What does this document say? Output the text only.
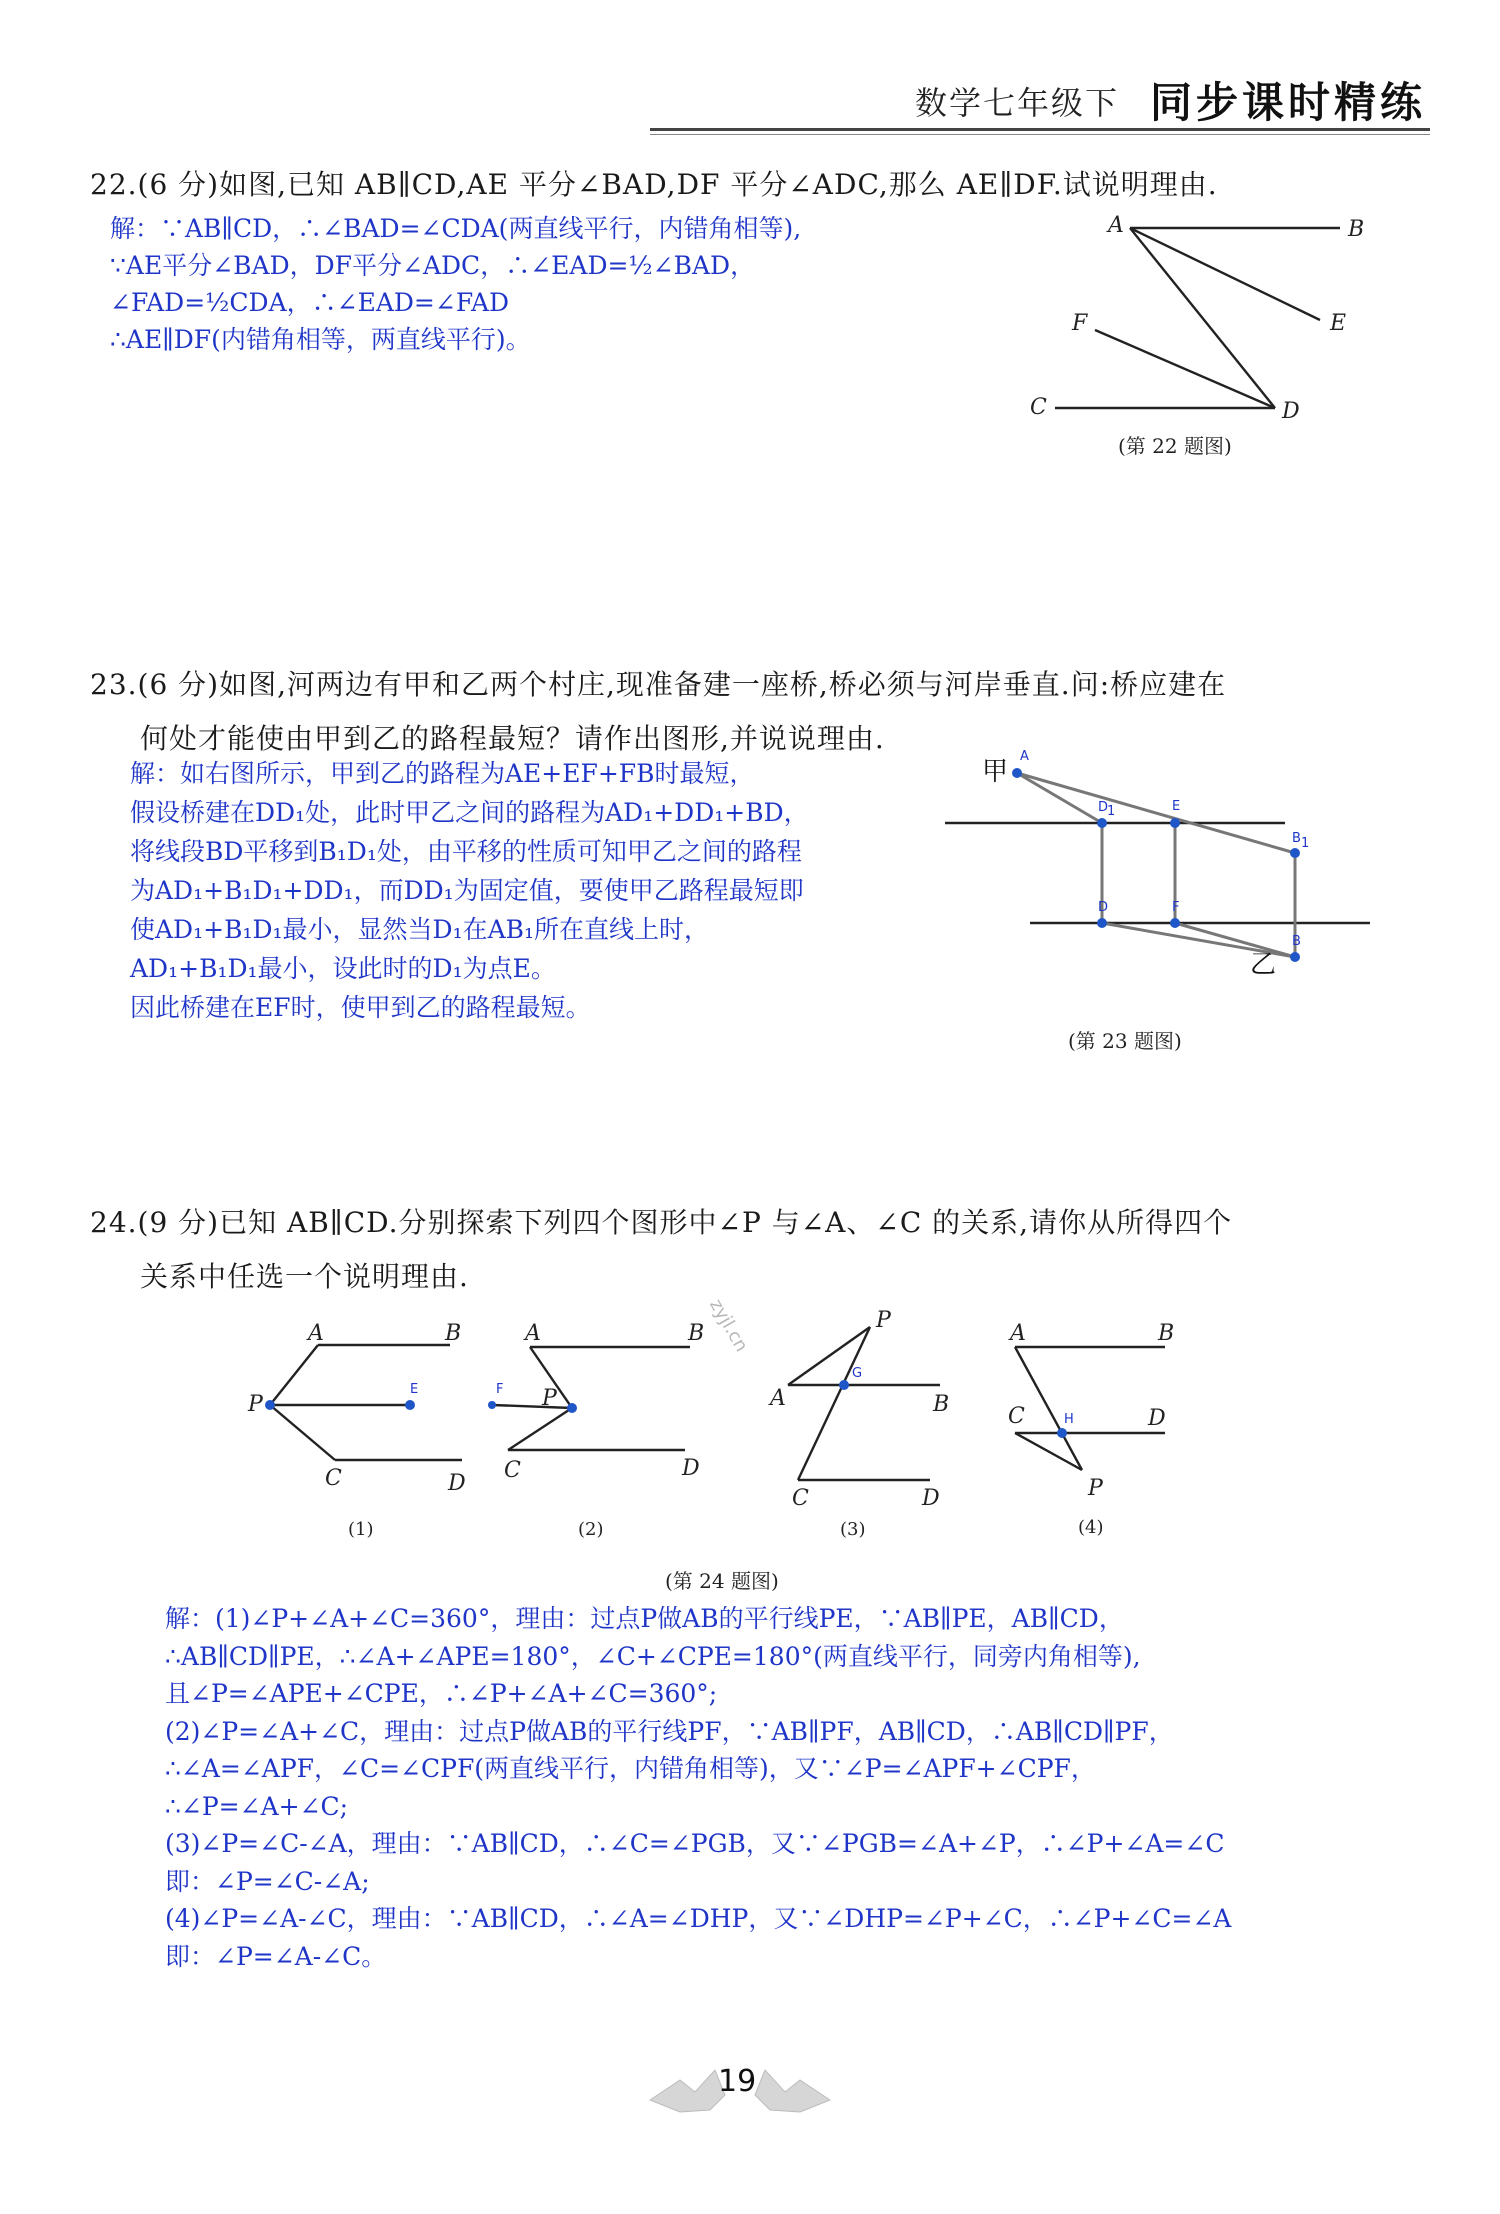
数学七年级下 同步课时精练
22.(6 分)如图,已知 AB∥CD,AE 平分∠BAD,DF 平分∠ADC,那么 AE∥DF.试说明理由.
解：∵AB∥CD，∴∠BAD=∠CDA(两直线平行，内错角相等),
∵AE平分∠BAD，DF平分∠ADC，∴∠EAD=½∠BAD，
∠FAD=½CDA，∴∠EAD=∠FAD
∴AE∥DF(内错角相等，两直线平行)。
A	B
C	D
E
F
(第 22 题图)
23.(6 分)如图,河两边有甲和乙两个村庄,现准备建一座桥,桥必须与河岸垂直.问:桥应建在
何处才能使由甲到乙的路程最短？请作出图形,并说说理由.
解：如右图所示，甲到乙的路程为AE+EF+FB时最短，
假设桥建在DD₁处，此时甲乙之间的路程为AD₁+DD₁+BD，
将线段BD平移到B₁D₁处，由平移的性质可知甲乙之间的路程
为AD₁+B₁D₁+DD₁，而DD₁为固定值，要使甲乙路程最短即
使AD₁+B₁D₁最小，显然当D₁在AB₁所在直线上时，
AD₁+B₁D₁最小，设此时的D₁为点E。
因此桥建在EF时，使甲到乙的路程最短。
甲
乙
A
D
1	E
B 1
D	F
B
(第 23 题图)
24.(9 分)已知 AB∥CD.分别探索下列四个图形中∠P 与∠A、∠C 的关系,请你从所得四个
关系中任选一个说明理由.
A	B
P
E
C	D
(1)
A	B
F P
C	D
(2)
P
G
A	B
C	D
(3)
A	B
C	H	D
P
(4)
zyjl.cn
(第 24 题图)
解：(1)∠P+∠A+∠C=360°，理由：过点P做AB的平行线PE，∵AB∥PE，AB∥CD，
∴AB∥CD∥PE，∴∠A+∠APE=180°，∠C+∠CPE=180°(两直线平行，同旁内角相等),
且∠P=∠APE+∠CPE，∴∠P+∠A+∠C=360°;
(2)∠P=∠A+∠C，理由：过点P做AB的平行线PF，∵AB∥PF，AB∥CD，∴AB∥CD∥PF，
∴∠A=∠APF，∠C=∠CPF(两直线平行，内错角相等)，又∵∠P=∠APF+∠CPF，
∴∠P=∠A+∠C;
(3)∠P=∠C-∠A，理由：∵AB∥CD，∴∠C=∠PGB，又∵∠PGB=∠A+∠P，∴∠P+∠A=∠C
即：∠P=∠C-∠A;
(4)∠P=∠A-∠C，理由：∵AB∥CD，∴∠A=∠DHP，又∵∠DHP=∠P+∠C，∴∠P+∠C=∠A
即：∠P=∠A-∠C。
19
